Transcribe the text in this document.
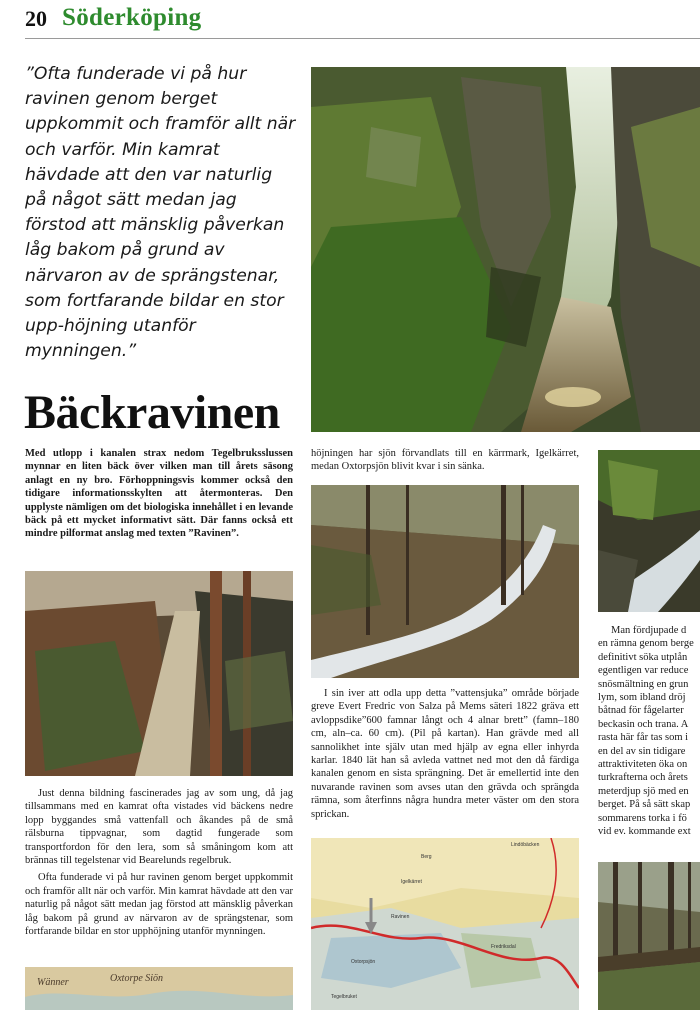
20 Söderköping
”Ofta funderade vi på hur ravinen genom berget uppkommit och framför allt när och varför. Min kamrat hävdade att den var naturlig på något sätt medan jag förstod att mänsklig påverkan låg bakom på grund av närvaron av de sprängstenar, som fortfarande bildar en stor upp-höjning utanför mynningen.”
Bäckravinen
Med utlopp i kanalen strax nedom Tegelbruksslussen mynnar en liten bäck över vilken man till årets säsong anlagt en ny bro. Förhoppningsvis kommer också den tidigare informationsskylten att återmonteras. Den upplyste nämligen om det biologiska innehållet i en levande bäck på ett mycket informativt sätt. Där fanns också ett mindre pilformat anslag med texten ”Ravinen”.

Just denna bildning fascinerades jag av som ung, då jag tillsammans med en kamrat ofta vistades vid bäckens nedre lopp byggandes små vattenfall och åkandes på de små rälsburna tippvagnar, som dagtid fungerade som transportfordon för den lera, som så småningom kom att brännas till tegelstenar vid Bearelunds regelbruk.

Ofta funderade vi på hur ravinen genom berget uppkommit och framför allt när och varför. Min kamrat hävdade att den var naturlig på något sätt medan jag förstod att mänsklig påverkan låg bakom på grund av närvaron av de sprängstenar, som fortfarande bildar en stor upphöjning utanför mynningen.

Wänner	Oxtorpe Siön

höjningen har sjön förvandlats till en kärrmark, Igelkärret, medan Oxtorpsjön blivit kvar i sin sänka.

I sin iver att odla upp detta ”vattensjuka” område började greve Evert Fredric von Salza på Mems säteri 1822 gräva ett avloppsdike”600 famnar långt och 4 alnar brett” (famn–180 cm, aln–ca. 60 cm). (Pil på kartan). Han grävde med all sannolikhet inte själv utan med hjälp av egna eller inhyrda karlar. 1840 lät han så avleda vattnet ned mot den då färdiga kanalen genom en sista sprängning. Det är emellertid inte den nuvarande ravinen som avses utan den grävda och sprängda rämna, som återfinns några hundra meter väster om den stora sprickan.

Berg
Igelkärret
Ravinen
Oxtorpsjön
Tegelbruket
Fredriksdal
Lindöbäcken
Man fördjupade d
en rämna genom berge
definitivt söka utplån
egentligen var reduce
snösmältning en grun
lym, som ibland dröj
båtnad för fågelarter
beckasin och trana. A
rasta här får tas som i
en del av sin tidigare
attraktiviteten öka on
turkrafterna och årets
meterdjup sjö med en
berget. På så sätt skap
sommarens torka i fö
vid ev. kommande ext
